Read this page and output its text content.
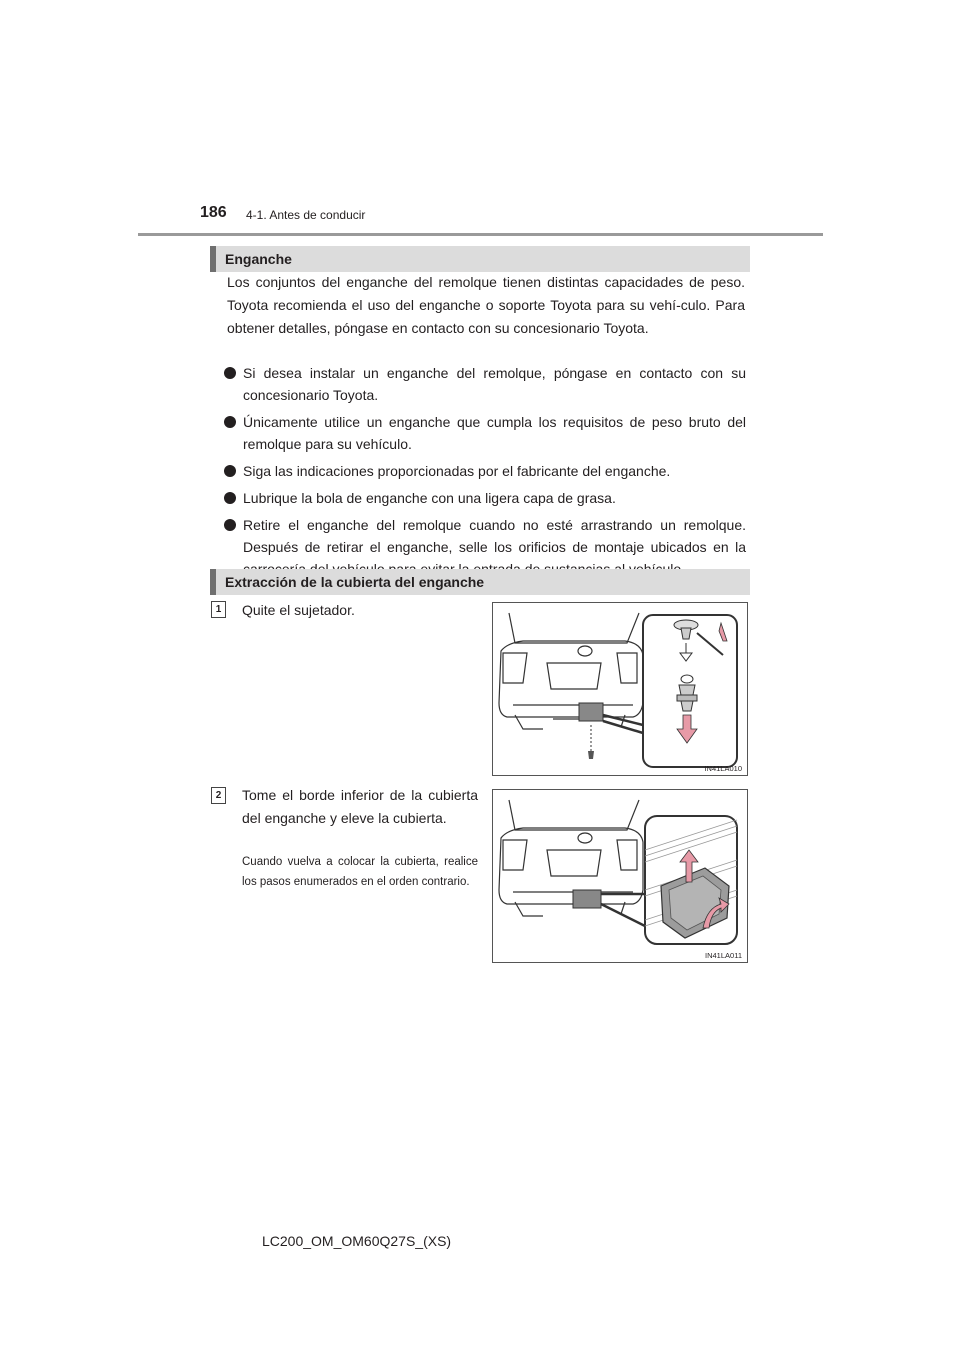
186 4-1. Antes de conducir
Enganche

Los conjuntos del enganche del remolque tienen distintas capacidades de peso. Toyota recomienda el uso del enganche o soporte Toyota para su vehí-culo. Para obtener detalles, póngase en contacto con su concesionario Toyota.

Si desea instalar un enganche del remolque, póngase en contacto con su concesionario Toyota.
Únicamente utilice un enganche que cumpla los requisitos de peso bruto del remolque para su vehículo.
Siga las indicaciones proporcionadas por el fabricante del enganche.
Lubrique la bola de enganche con una ligera capa de grasa.
Retire el enganche del remolque cuando no esté arrastrando un remolque. Después de retirar el enganche, selle los orificios de montaje ubicados en la
Extracción de la cubierta del enganche
1	Quite el sujetador.

IN41LA010
2	Tome el borde inferior de la cubierta del enganche y eleve la cubierta.

Cuando vuelva a colocar la cubierta, realice los pasos enumerados en el orden contrario.

IN41LA011
LC200_OM_OM60Q27S_(XS)
